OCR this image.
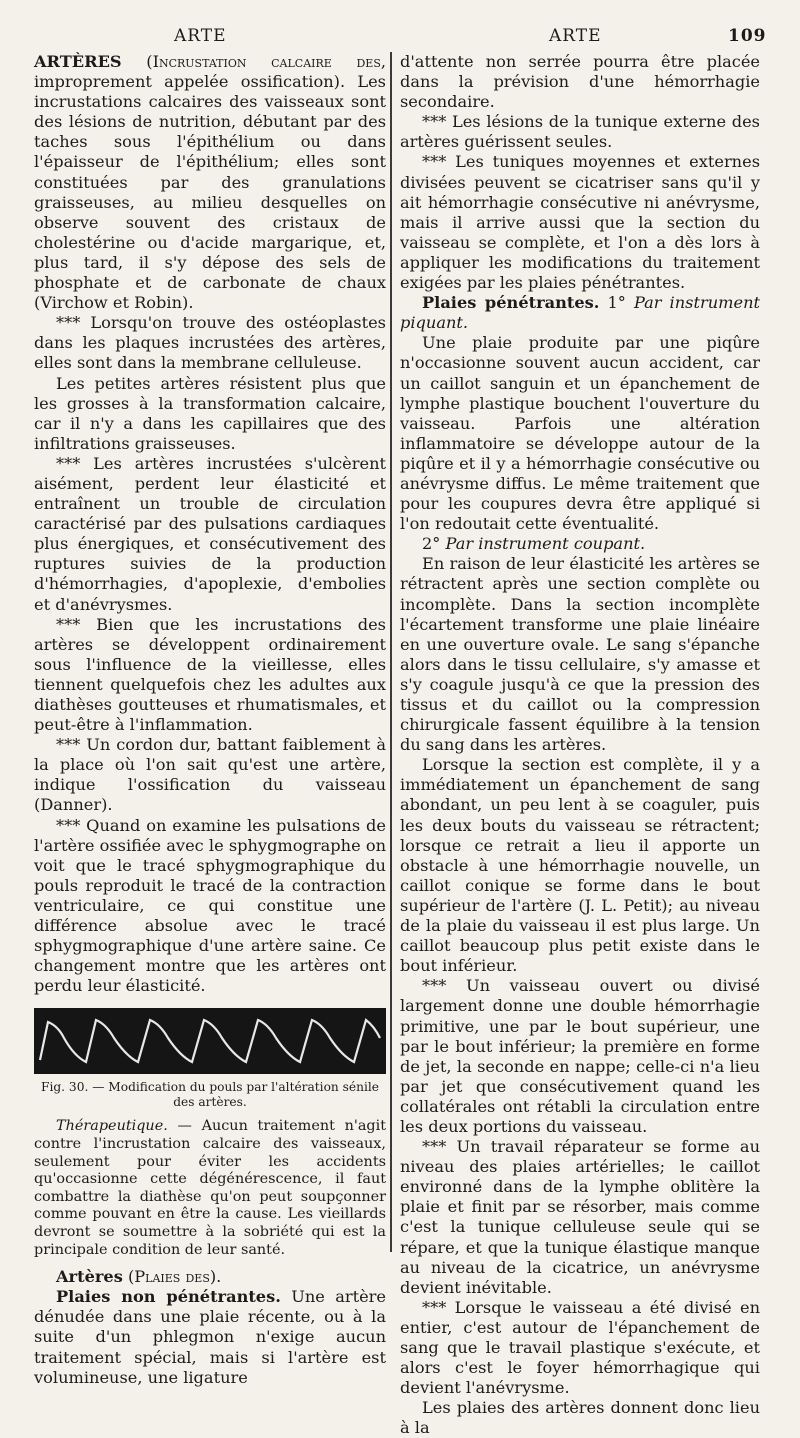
ARTE	ARTE	109

ARTÈRES (Incrustation calcaire des, improprement appelée ossification). Les incrustations calcaires des vaisseaux sont des lésions de nutrition, débutant par des taches sous l'épithélium ou dans l'épaisseur de l'épithélium; elles sont constituées par des granulations graisseuses, au milieu desquelles on observe souvent des cristaux de cholestérine ou d'acide margarique, et, plus tard, il s'y dépose des sels de phosphate et de carbonate de chaux (Virchow et Robin).

*** Lorsqu'on trouve des ostéoplastes dans les plaques incrustées des artères, elles sont dans la membrane celluleuse.

Les petites artères résistent plus que les grosses à la transformation calcaire, car il n'y a dans les capillaires que des infiltrations graisseuses.

*** Les artères incrustées s'ulcèrent aisément, perdent leur élasticité et entraînent un trouble de circulation caractérisé par des pulsations cardiaques plus énergiques, et consécutivement des ruptures suivies de la production d'hémorrhagies, d'apoplexie, d'embolies et d'anévrysmes.

*** Bien que les incrustations des artères se développent ordinairement sous l'influence de la vieillesse, elles tiennent quelquefois chez les adultes aux diathèses goutteuses et rhumatismales, et peut-être à l'inflammation.

*** Un cordon dur, battant faiblement à la place où l'on sait qu'est une artère, indique l'ossification du vaisseau (Danner).

*** Quand on examine les pulsations de l'artère ossifiée avec le sphygmographe on voit que le tracé sphygmographique du pouls reproduit le tracé de la contraction ventriculaire, ce qui constitue une différence absolue avec le tracé sphygmographique d'une artère saine. Ce changement montre que les artères ont perdu leur élasticité.

Fig. 30. — Modification du pouls par l'altération sénile des artères.

Thérapeutique. — Aucun traitement n'agit contre l'incrustation calcaire des vaisseaux, seulement pour éviter les accidents qu'occasionne cette dégénérescence, il faut combattre la diathèse qu'on peut soupçonner comme pouvant en être la cause. Les vieillards devront se soumettre à la sobriété qui est la principale condition de leur santé.

Artères (Plaies des).

Plaies non pénétrantes. Une artère dénudée dans une plaie récente, ou à la suite d'un phlegmon n'exige aucun traitement spécial, mais si l'artère est volumineuse, une ligature

d'attente non serrée pourra être placée dans la prévision d'une hémorrhagie secondaire.

*** Les lésions de la tunique externe des artères guérissent seules.

*** Les tuniques moyennes et externes divisées peuvent se cicatriser sans qu'il y ait hémorrhagie consécutive ni anévrysme, mais il arrive aussi que la section du vaisseau se complète, et l'on a dès lors à appliquer les modifications du traitement exigées par les plaies pénétrantes.

Plaies pénétrantes. 1° Par instrument piquant.

Une plaie produite par une piqûre n'occasionne souvent aucun accident, car un caillot sanguin et un épanchement de lymphe plastique bouchent l'ouverture du vaisseau. Parfois une altération inflammatoire se développe autour de la piqûre et il y a hémorrhagie consécutive ou anévrysme diffus. Le même traitement que pour les coupures devra être appliqué si l'on redoutait cette éventualité.

2° Par instrument coupant.

En raison de leur élasticité les artères se rétractent après une section complète ou incomplète. Dans la section incomplète l'écartement transforme une plaie linéaire en une ouverture ovale. Le sang s'épanche alors dans le tissu cellulaire, s'y amasse et s'y coagule jusqu'à ce que la pression des tissus et du caillot ou la compression chirurgicale fassent équilibre à la tension du sang dans les artères.

Lorsque la section est complète, il y a immédiatement un épanchement de sang abondant, un peu lent à se coaguler, puis les deux bouts du vaisseau se rétractent; lorsque ce retrait a lieu il apporte un obstacle à une hémorrhagie nouvelle, un caillot conique se forme dans le bout supérieur de l'artère (J. L. Petit); au niveau de la plaie du vaisseau il est plus large. Un caillot beaucoup plus petit existe dans le bout inférieur.

*** Un vaisseau ouvert ou divisé largement donne une double hémorrhagie primitive, une par le bout supérieur, une par le bout inférieur; la première en forme de jet, la seconde en nappe; celle-ci n'a lieu par jet que consécutivement quand les collatérales ont rétabli la circulation entre les deux portions du vaisseau.

*** Un travail réparateur se forme au niveau des plaies artérielles; le caillot environné dans de la lymphe oblitère la plaie et finit par se résorber, mais comme c'est la tunique celluleuse seule qui se répare, et que la tunique élastique manque au niveau de la cicatrice, un anévrysme devient inévitable.

*** Lorsque le vaisseau a été divisé en entier, c'est autour de l'épanchement de sang que le travail plastique s'exécute, et alors c'est le foyer hémorrhagique qui devient l'anévrysme.

Les plaies des artères donnent donc lieu à la
